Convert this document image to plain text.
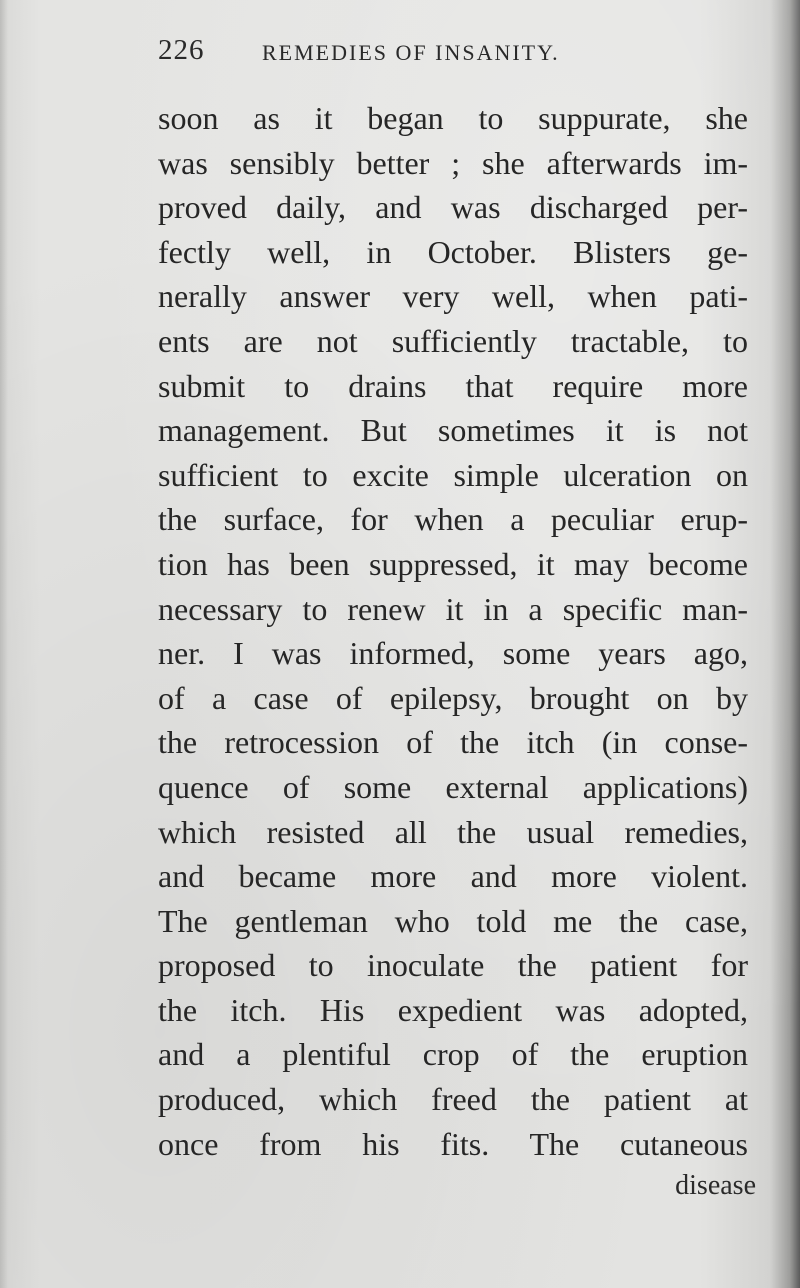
226	REMEDIES OF INSANITY.
soon as it began to suppurate, she
was sensibly better ; she afterwards im-
proved daily, and was discharged per-
fectly well, in October. Blisters ge-
nerally answer very well, when pati-
ents are not sufficiently tractable, to
submit to drains that require more
management. But sometimes it is not
sufficient to excite simple ulceration on
the surface, for when a peculiar erup-
tion has been suppressed, it may become
necessary to renew it in a specific man-
ner. I was informed, some years ago,
of a case of epilepsy, brought on by
the retrocession of the itch (in conse-
quence of some external applications)
which resisted all the usual remedies,
and became more and more violent.
The gentleman who told me the case,
proposed to inoculate the patient for
the itch. His expedient was adopted,
and a plentiful crop of the eruption
produced, which freed the patient at
once from his fits. The cutaneous
disease
